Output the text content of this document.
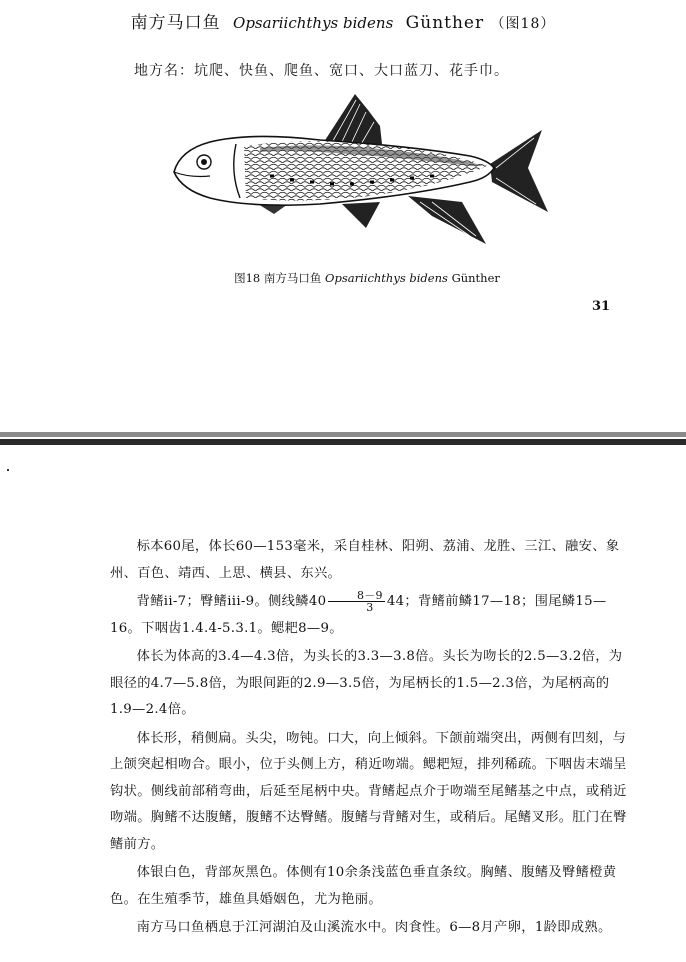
南方马口鱼 Opsariichthys bidens Günther （图18）
地方名：坑爬、快鱼、爬鱼、宽口、大口蓝刀、花手巾。
图18 南方马口鱼 Opsariichthys bidens Günther
31

标本60尾，体长60—153毫米，采自桂林、阳朔、荔浦、龙胜、三江、融安、象州、百色、靖西、上思、横县、东兴。

背鳍ii-7；臀鳍iii-9。侧线鳞$40 \frac{8-9}{3} 44$；背鳍前鳞17—18；围尾鳞15—16。下咽齿1.4.4-5.3.1。鳃耙8—9。

体长为体高的3.4—4.3倍，为头长的3.3—3.8倍。头长为吻长的2.5—3.2倍，为眼径的4.7—5.8倍，为眼间距的2.9—3.5倍，为尾柄长的1.5—2.3倍，为尾柄高的1.9—2.4倍。

体长形，稍侧扁。头尖，吻钝。口大，向上倾斜。下颌前端突出，两侧有凹刻，与上颌突起相吻合。眼小，位于头侧上方，稍近吻端。鳃耙短，排列稀疏。下咽齿末端呈钩状。侧线前部稍弯曲，后延至尾柄中央。背鳍起点介于吻端至尾鳍基之中点，或稍近吻端。胸鳍不达腹鳍，腹鳍不达臀鳍。腹鳍与背鳍对生，或稍后。尾鳍叉形。肛门在臀鳍前方。

体银白色，背部灰黑色。体侧有10余条浅蓝色垂直条纹。胸鳍、腹鳍及臀鳍橙黄色。在生殖季节，雄鱼具婚姻色，尤为艳丽。

南方马口鱼栖息于江河湖泊及山溪流水中。肉食性。6—8月产卵，1龄即成熟。
